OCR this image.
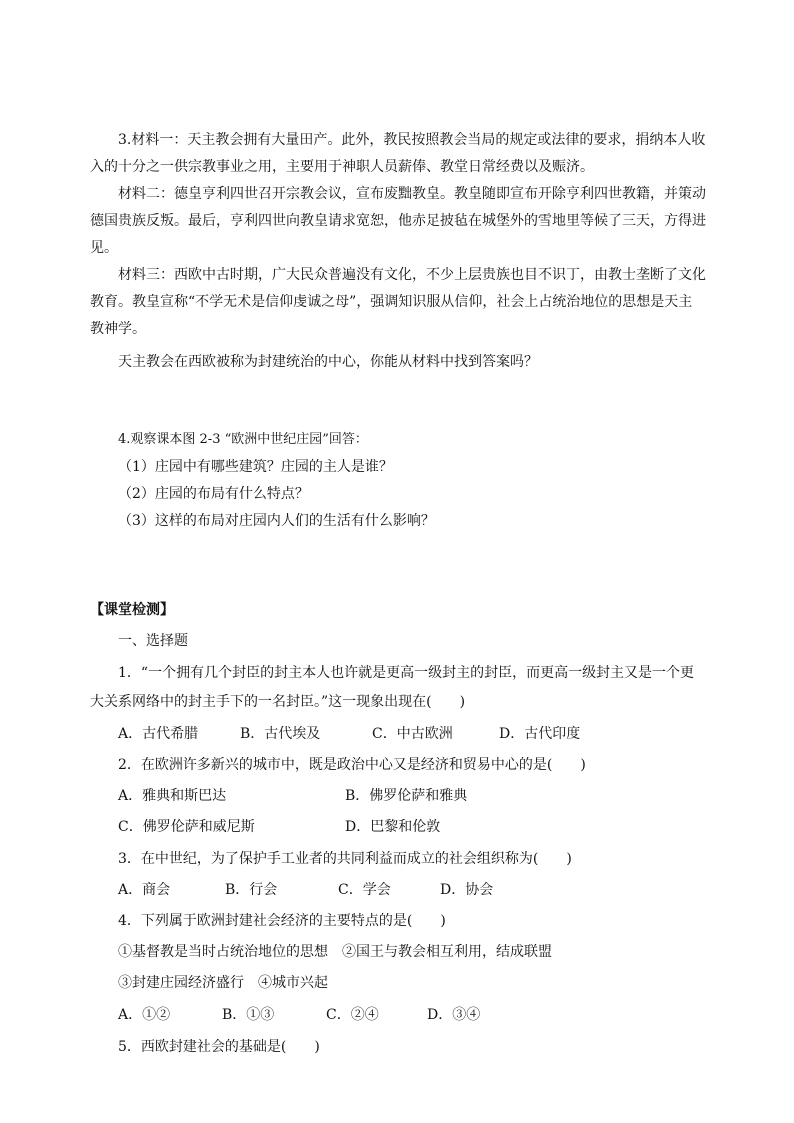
3.材料一：天主教会拥有大量田产。此外，教民按照教会当局的规定或法律的要求，捐纳本人收
入的十分之一供宗教事业之用，主要用于神职人员薪俸、教堂日常经费以及赈济。
材料二：德皇亨利四世召开宗教会议，宣布废黜教皇。教皇随即宣布开除亨利四世教籍，并策动
德国贵族反叛。最后，亨利四世向教皇请求宽恕，他赤足披毡在城堡外的雪地里等候了三天，方得进
见。
材料三：西欧中古时期，广大民众普遍没有文化，不少上层贵族也目不识丁，由教士垄断了文化
教育。教皇宣称“不学无术是信仰虔诚之母”，强调知识服从信仰，社会上占统治地位的思想是天主
教神学。
天主教会在西欧被称为封建统治的中心，你能从材料中找到答案吗？
4.观察课本图 2-3 “欧洲中世纪庄园”回答：
（1）庄园中有哪些建筑？庄园的主人是谁？
（2）庄园的布局有什么特点？
（3）这样的布局对庄园内人们的生活有什么影响？
【课堂检测】
一、选择题
1．“一个拥有几个封臣的封主本人也许就是更高一级封主的封臣，而更高一级封主又是一个更
大关系网络中的封主手下的一名封臣。”这一现象出现在(　　)
A．古代希腊	B．古代埃及	C．中古欧洲	D．古代印度
2．在欧洲许多新兴的城市中，既是政治中心又是经济和贸易中心的是(　　)
A．雅典和斯巴达	B．佛罗伦萨和雅典
C．佛罗伦萨和威尼斯	D．巴黎和伦敦
3．在中世纪，为了保护手工业者的共同利益而成立的社会组织称为(　　)
A．商会	B．行会	C．学会	D．协会
4．下列属于欧洲封建社会经济的主要特点的是(　　)
①基督教是当时占统治地位的思想 ②国王与教会相互利用，结成联盟
③封建庄园经济盛行 ④城市兴起
A．①②	B．①③	C．②④	D．③④
5．西欧封建社会的基础是(　　)
